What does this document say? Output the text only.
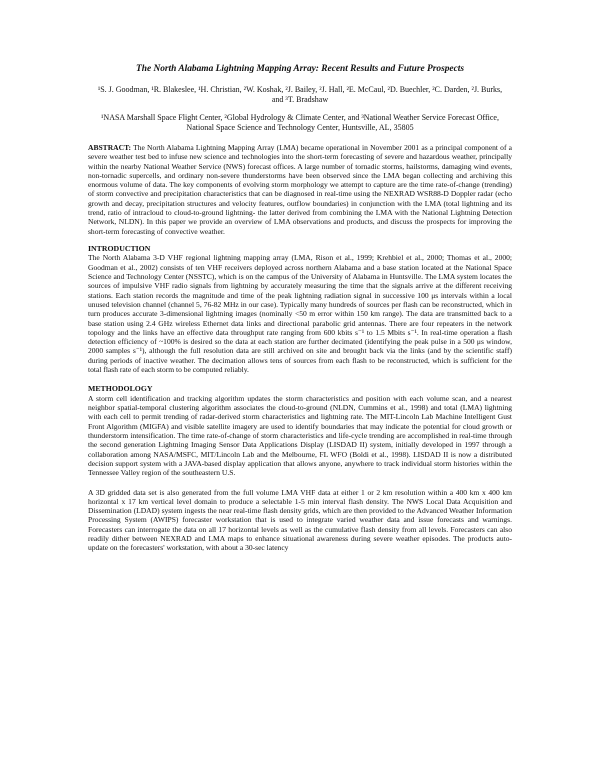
The North Alabama Lightning Mapping Array: Recent Results and Future Prospects
¹S. J. Goodman, ¹R. Blakeslee, ¹H. Christian, ²W. Koshak, ²J. Bailey, ²J. Hall, ²E. McCaul, ²D. Buechler, ²C. Darden, ²J. Burks, and ³T. Bradshaw
¹NASA Marshall Space Flight Center, ²Global Hydrology & Climate Center, and ³National Weather Service Forecast Office, National Space Science and Technology Center, Huntsville, AL, 35805

ABSTRACT: The North Alabama Lightning Mapping Array (LMA) became operational in November 2001 as a principal component of a severe weather test bed to infuse new science and technologies into the short-term forecasting of severe and hazardous weather, principally within the nearby National Weather Service (NWS) forecast offices. A large number of tornadic storms, hailstorms, damaging wind events, non-tornadic supercells, and ordinary non-severe thunderstorms have been observed since the LMA began collecting and archiving this enormous volume of data. The key components of evolving storm morphology we attempt to capture are the time rate-of-change (trending) of storm convective and precipitation characteristics that can be diagnosed in real-time using the NEXRAD WSR88-D Doppler radar (echo growth and decay, precipitation structures and velocity features, outflow boundaries) in conjunction with the LMA (total lightning and its trend, ratio of intracloud to cloud-to-ground lightning- the latter derived from combining the LMA with the National Lightning Detection Network, NLDN). In this paper we provide an overview of LMA observations and products, and discuss the prospects for improving the short-term forecasting of convective weather.

INTRODUCTION

The North Alabama 3-D VHF regional lightning mapping array (LMA, Rison et al., 1999; Krehbiel et al., 2000; Thomas et al., 2000; Goodman et al., 2002) consists of ten VHF receivers deployed across northern Alabama and a base station located at the National Space Science and Technology Center (NSSTC), which is on the campus of the University of Alabama in Huntsville. The LMA system locates the sources of impulsive VHF radio signals from lightning by accurately measuring the time that the signals arrive at the different receiving stations. Each station records the magnitude and time of the peak lightning radiation signal in successive 100 μs intervals within a local unused television channel (channel 5, 76-82 MHz in our case). Typically many hundreds of sources per flash can be reconstructed, which in turn produces accurate 3-dimensional lightning images (nominally <50 m error within 150 km range). The data are transmitted back to a base station using 2.4 GHz wireless Ethernet data links and directional parabolic grid antennas. There are four repeaters in the network topology and the links have an effective data throughput rate ranging from 600 kbits s⁻¹ to 1.5 Mbits s⁻¹. In real-time operation a flash detection efficiency of ~100% is desired so the data at each station are further decimated (identifying the peak pulse in a 500 μs window, 2000 samples s⁻¹), although the full resolution data are still archived on site and brought back via the links (and by the scientific staff) during periods of inactive weather. The decimation allows tens of sources from each flash to be reconstructed, which is sufficient for the total flash rate of each storm to be computed reliably.

METHODOLOGY

A storm cell identification and tracking algorithm updates the storm characteristics and position with each volume scan, and a nearest neighbor spatial-temporal clustering algorithm associates the cloud-to-ground (NLDN, Cummins et al., 1998) and total (LMA) lightning with each cell to permit trending of radar-derived storm characteristics and lightning rate. The MIT-Lincoln Lab Machine Intelligent Gust Front Algorithm (MIGFA) and visible satellite imagery are used to identify boundaries that may indicate the potential for cloud growth or thunderstorm intensification. The time rate-of-change of storm characteristics and life-cycle trending are accomplished in real-time through the second generation Lightning Imaging Sensor Data Applications Display (LISDAD II) system, initially developed in 1997 through a collaboration among NASA/MSFC, MIT/Lincoln Lab and the Melbourne, FL WFO (Boldi et al., 1998). LISDAD II is now a distributed decision support system with a JAVA-based display application that allows anyone, anywhere to track individual storm histories within the Tennessee Valley region of the southeastern U.S.

A 3D gridded data set is also generated from the full volume LMA VHF data at either 1 or 2 km resolution within a 400 km x 400 km horizontal x 17 km vertical level domain to produce a selectable 1-5 min interval flash density. The NWS Local Data Acquisition and Dissemination (LDAD) system ingests the near real-time flash density grids, which are then provided to the Advanced Weather Information Processing System (AWIPS) forecaster workstation that is used to integrate varied weather data and issue forecasts and warnings. Forecasters can interrogate the data on all 17 horizontal levels as well as the cumulative flash density from all levels. Forecasters can also readily dither between NEXRAD and LMA maps to enhance situational awareness during severe weather episodes. The products auto-update on the forecasters' workstation, with about a 30-sec latency
